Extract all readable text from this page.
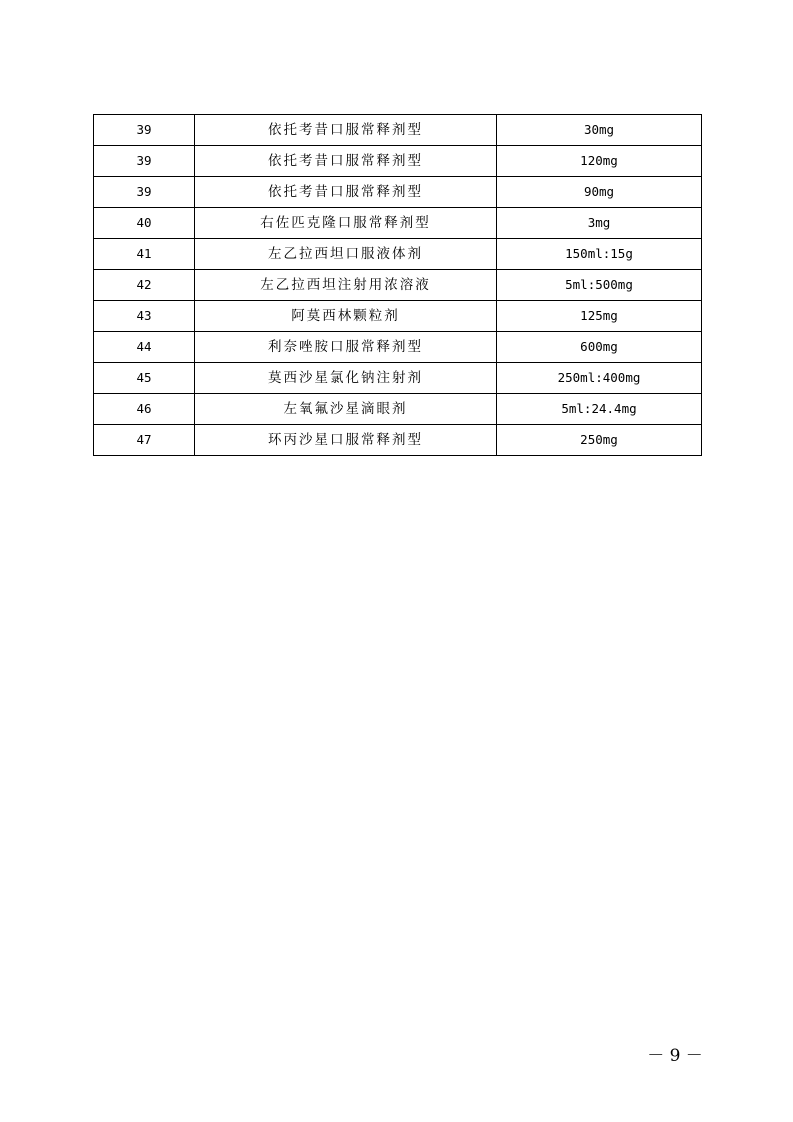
39	依托考昔口服常释剂型	30mg
39	依托考昔口服常释剂型	120mg
39	依托考昔口服常释剂型	90mg
40	右佐匹克隆口服常释剂型	3mg
41	左乙拉西坦口服液体剂	150ml:15g
42	左乙拉西坦注射用浓溶液	5ml:500mg
43	阿莫西林颗粒剂	125mg
44	利奈唑胺口服常释剂型	600mg
45	莫西沙星氯化钠注射剂	250ml:400mg
46	左氧氟沙星滴眼剂	5ml:24.4mg
47	环丙沙星口服常释剂型	250mg
－ 9 －
